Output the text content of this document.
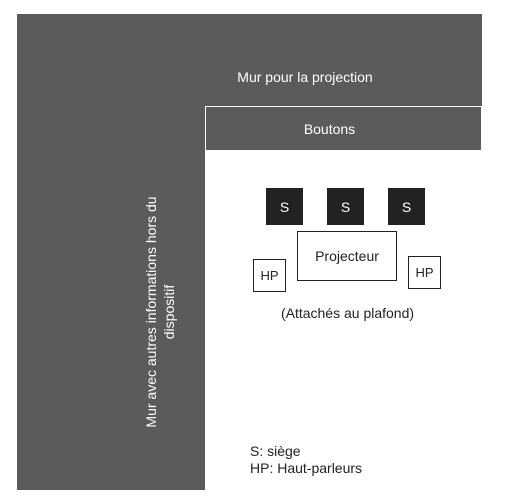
Mur pour la projection
Boutons
Mur avec autres informations hors du dispositif
S	S	S
Projecteur
HP	HP
(Attachés au plafond)
S: siège
HP: Haut-parleurs
